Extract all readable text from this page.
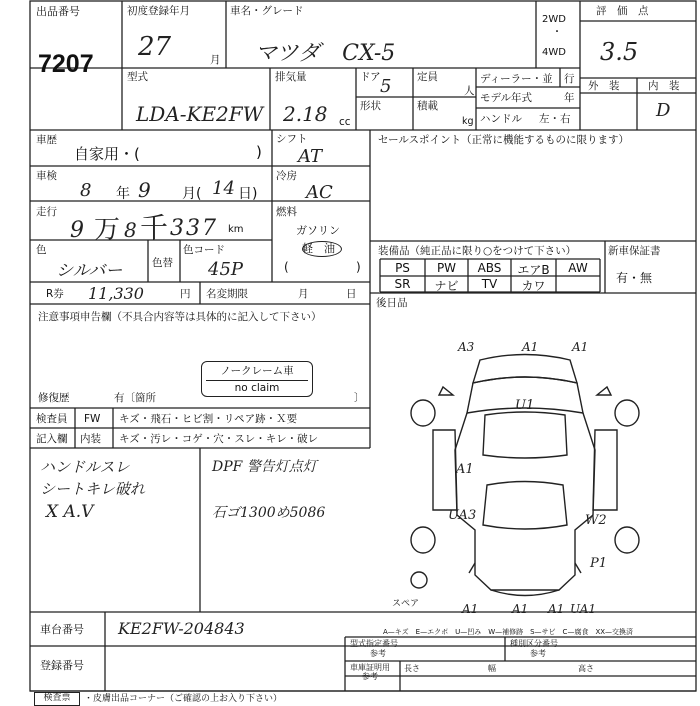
出品番号
7207
初度登録年月
27	月
車名・グレード
マツダ　CX-5
2WD
・
4WD
評　価　点
3.5
外　装	内　装
D
型式
LDA-KE2FW
排気量
2.18 cc
ドア 5 定員
人
形状	積載
kg
ディーラー・並 行
モデル年式	年
ハンドル 左・右
車歴
自家用・(	)
車検
8 年 9 月( 14 日)
走行
9 万 8 千 337 km
色
シルバー	色替
色コード
45P
シフト
AT
冷房
AC
燃料
ガソリン
軽　油
(	)
セールスポイント（正常に機能するものに限ります）
装備品（純正品に限り○をつけて下さい）
PS	PW	ABS	エアB	AW
SR	ナビ	TV	カワ
新車保証書
有・無
R券 11,330	円 名変期限	月	日
後日品
注意事項申告欄（不具合内容等は具体的に記入して下さい）
ノークレーム車
no claim
修復歴	有〔箇所	〕
検査員 FW キズ・飛石・ヒビ割・リペア跡・Ｘ要
記入欄 内装 キズ・汚レ・コゲ・穴・スレ・キレ・破レ
ハンドルスレ
シートキレ破れ
X A.V
DPF 警告灯点灯
石ゴ1300め5086
A3	A1	A1
U1
A1
UA3	W2
P1
A1	A1 A1 UA1
スペア
A—キズ　E—エクボ　U—凹み　W—補修跡　S—サビ　C—腐食　XX—交換済
車台番号 KE2FW-204843
登録番号
型式指定番号
参考
種別区分番号
参考
車庫証明用
参考
長さ	幅	高さ
検査票	・皮膚出品コーナー（ご確認の上お入り下さい）
